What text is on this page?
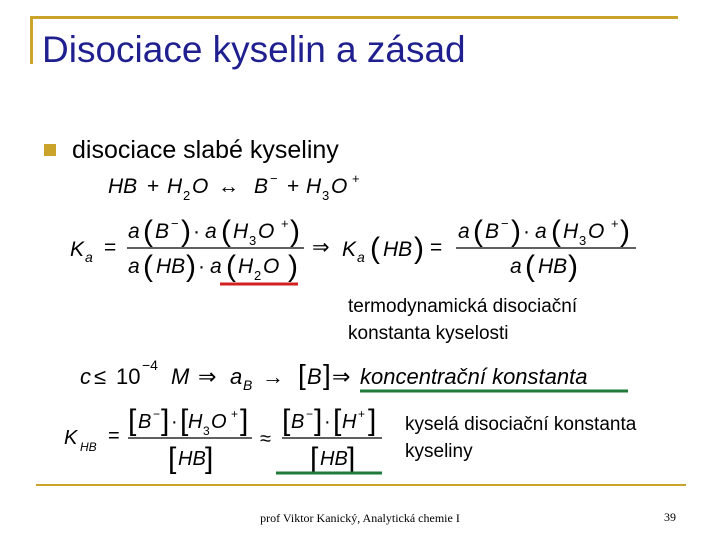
Disociace kyselin a zásad
disociace slabé kyseliny
HB + H 2 O ↔ B − + H 3 O +
K a =
a ( B − ) · a ( H 3 O + )
a ( HB ) · a ( H 2 O )
⇒ K a ( HB ) =
a ( B − ) · a ( H 3 O + )
a ( HB )
c ≤ 10 −4 M ⇒ a B → [ B ] ⇒ koncentrační konstanta
K HB = [ B − ] · [ H 3 O + ]
[ HB ]
≈
[ B − ] · [ H + ]
[ HB ]
termodynamická disociační
konstanta kyselosti
kyselá disociační konstanta
kyseliny
prof Viktor Kanický, Analytická chemie I	39
